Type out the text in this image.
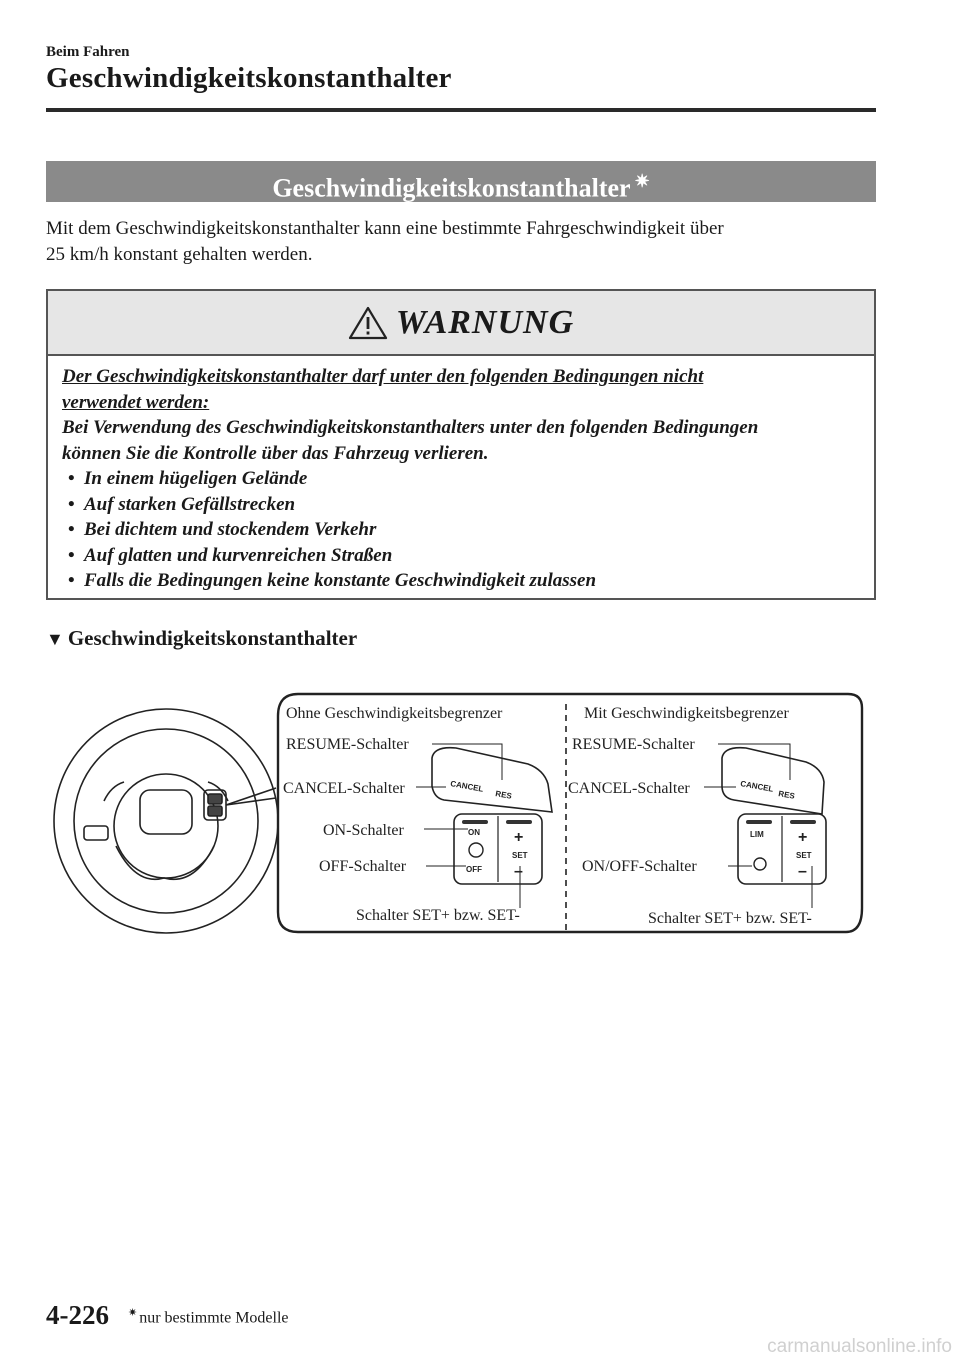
Beim Fahren
Geschwindigkeitskonstanthalter
Geschwindigkeitskonstanthalter ✷
Mit dem Geschwindigkeitskonstanthalter kann eine bestimmte Fahrgeschwindigkeit über
25 km/h konstant gehalten werden.
WARNUNG
Der Geschwindigkeitskonstanthalter darf unter den folgenden Bedingungen nicht
verwendet werden:
Bei Verwendung des Geschwindigkeitskonstanthalters unter den folgenden Bedingungen
können Sie die Kontrolle über das Fahrzeug verlieren.
• In einem hügeligen Gelände
• Auf starken Gefällstrecken
• Bei dichtem und stockendem Verkehr
• Auf glatten und kurvenreichen Straßen
• Falls die Bedingungen keine konstante Geschwindigkeit zulassen
▼ Geschwindigkeitskonstanthalter
Ohne Geschwindigkeitsbegrenzer
RESUME-Schalter
CANCEL-Schalter
ON-Schalter
OFF-Schalter
Schalter SET+ bzw. SET-
CANCEL
RES
ON
OFF
+
SET
–
Mit Geschwindigkeitsbegrenzer
RESUME-Schalter
CANCEL-Schalter
ON/OFF-Schalter
Schalter SET+ bzw. SET-
CANCEL
RES
LIM +
SET
–
4-226 ✷ nur bestimmte Modelle
carmanualsonline.info
